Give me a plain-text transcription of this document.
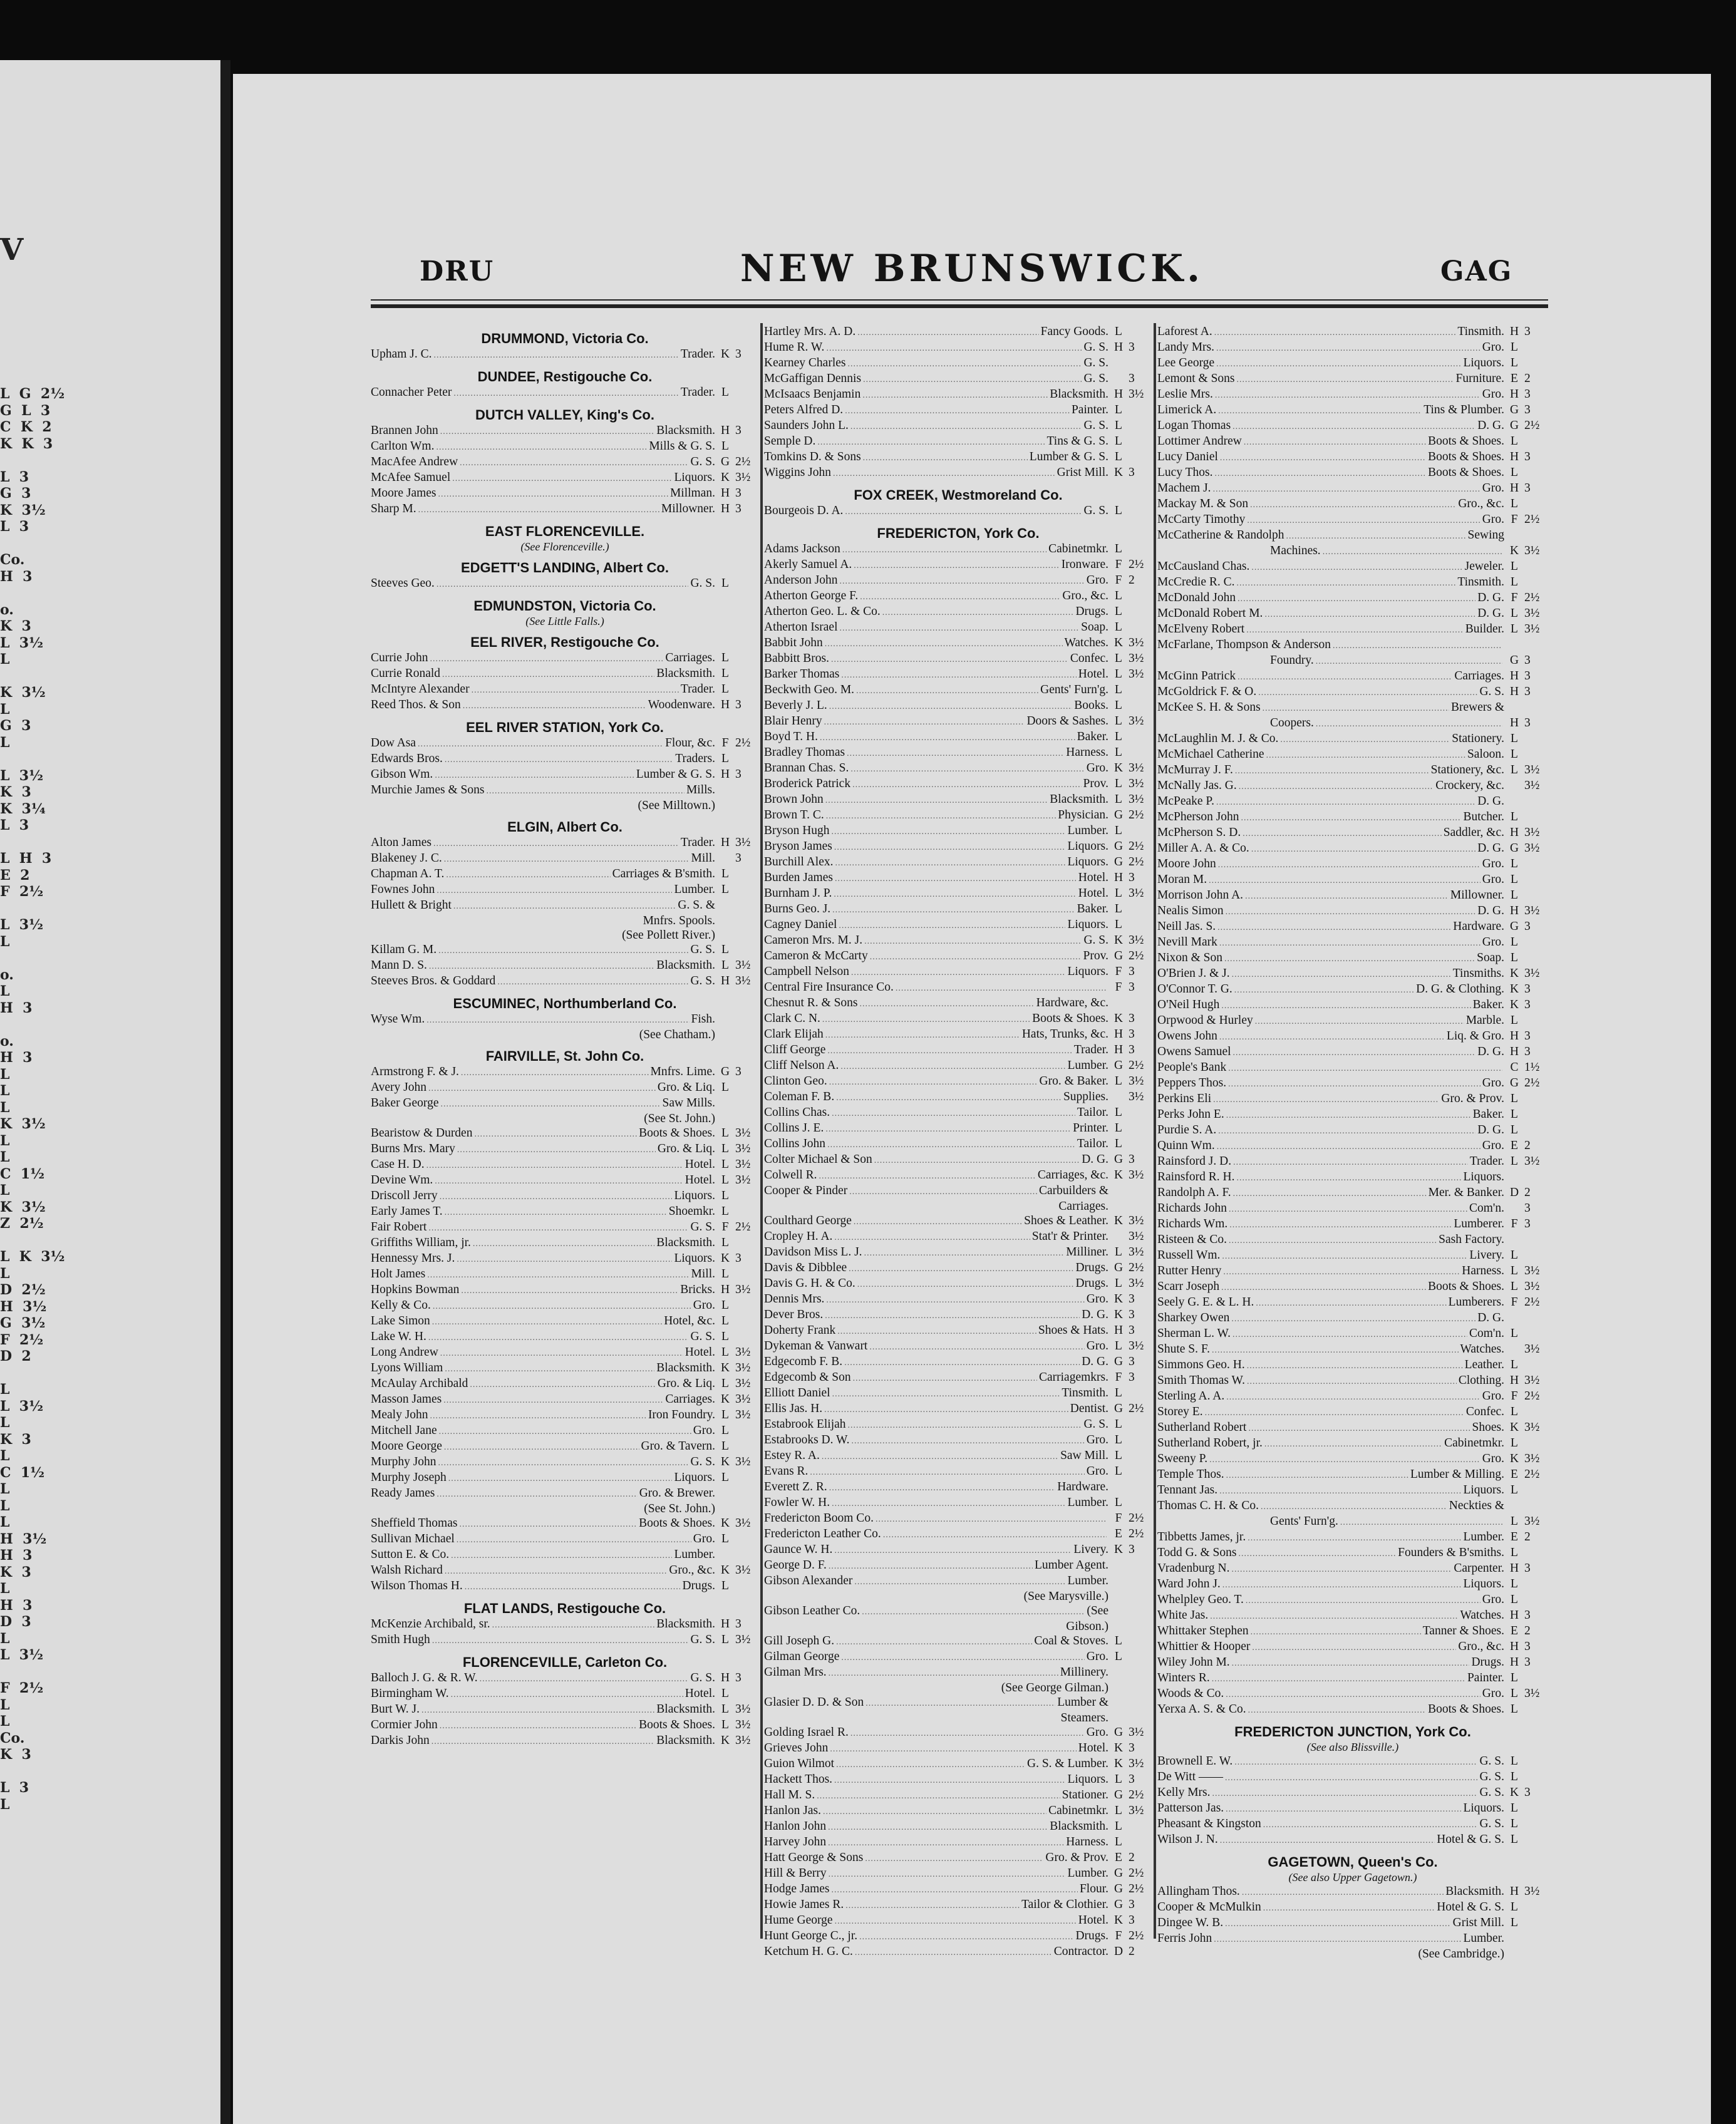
V
L  G  2½
G  L  3
C  K  2
K  K  3
L  3
G  3
K  3½
L  3
Co.
H  3
o.
K  3
L  3½
L
K  3½
L
G  3
L
L  3½
K  3
K  3¼
L  3
L  H  3
E  2
F  2½
L  3½
L
o.
L
H  3
o.
H  3
L
L
L
K  3½
L
L
C  1½
L
K  3½
Z  2½
L  K  3½
L
D  2½
H  3½
G  3½
F  2½
D  2
L
L  3½
L
K  3
L
C  1½
L
L
L
H  3½
H  3
K  3
L
H  3
D  3
L
L  3½
F  2½
L
L
Co.
K  3
L  3
L
DRU	NEW BRUNSWICK.	GAG
DRUMMOND, Victoria Co.
Upham J. C. .....	Trader. K 3
DUNDEE, Restigouche Co.
Connacher Peter .....	Trader. L
DUTCH VALLEY, King's Co.
Brannen John .....	Blacksmith. H 3
Carlton Wm. .....	Mills & G. S. L
MacAfee Andrew .....	G. S. G 2½
McAfee Samuel .....	Liquors. K 3½
Moore James .....	Millman. H 3
Sharp M. .....	Millowner. H 3
EAST FLORENCEVILLE.
(See Florenceville.)
EDGETT'S LANDING, Albert Co.
Steeves Geo. .....	G. S. L
EDMUNDSTON, Victoria Co.
(See Little Falls.)
EEL RIVER, Restigouche Co.
Currie John .....	Carriages. L
Currie Ronald .....	Blacksmith. L
McIntyre Alexander .....	Trader. L
Reed Thos. & Son .....	Woodenware. H 3
EEL RIVER STATION, York Co.
Dow Asa .....	Flour, &c. F 2½
Edwards Bros. .....	Traders. L
Gibson Wm. .....	Lumber & G. S. H 3
Murchie James & Sons .....	Mills.
(See Milltown.)
ELGIN, Albert Co.
Alton James .....	Trader. H 3½
Blakeney J. C. .....	Mill. 3
Chapman A. T. .....	Carriages & B'smith. L
Fownes John .....	Lumber. L
Hullett & Bright .....	G. S. &
Mnfrs. Spools.
(See Pollett River.)
Killam G. M. .....	G. S. L
Mann D. S. .....	Blacksmith. L 3½
Steeves Bros. & Goddard .....	G. S. H 3½
ESCUMINEC, Northumberland Co.
Wyse Wm. .....	Fish.
(See Chatham.)
FAIRVILLE, St. John Co.
Armstrong F. & J. .....	Mnfrs. Lime. G 3
Avery John .....	Gro. & Liq. L
Baker George .....	Saw Mills.
(See St. John.)
Bearistow & Durden .....	Boots & Shoes. L 3½
Burns Mrs. Mary .....	Gro. & Liq. L 3½
Case H. D. .....	Hotel. L 3½
Devine Wm. .....	Hotel. L 3½
Driscoll Jerry .....	Liquors. L
Early James T. .....	Shoemkr. L
Fair Robert .....	G. S. F 2½
Griffiths William, jr. .....	Blacksmith. L
Hennessy Mrs. J. .....	Liquors. K 3
Holt James .....	Mill. L
Hopkins Bowman .....	Bricks. H 3½
Kelly & Co. .....	Gro. L
Lake Simon .....	Hotel, &c. L
Lake W. H. .....	G. S. L
Long Andrew .....	Hotel. L 3½
Lyons William .....	Blacksmith. K 3½
McAulay Archibald .....	Gro. & Liq. L 3½
Masson James .....	Carriages. K 3½
Mealy John .....	Iron Foundry. L 3½
Mitchell Jane .....	Gro. L
Moore George .....	Gro. & Tavern. L
Murphy John .....	G. S. K 3½
Murphy Joseph .....	Liquors. L
Ready James .....	Gro. & Brewer.
(See St. John.)
Sheffield Thomas .....	Boots & Shoes. K 3½
Sullivan Michael .....	Gro. L
Sutton E. & Co. .....	Lumber.
Walsh Richard .....	Gro., &c. K 3½
Wilson Thomas H. .....	Drugs. L
FLAT LANDS, Restigouche Co.
McKenzie Archibald, sr. .....	Blacksmith. H 3
Smith Hugh .....	G. S. L 3½
FLORENCEVILLE, Carleton Co.
Balloch J. G. & R. W. .....	G. S. H 3
Birmingham W. .....	Hotel. L
Burt W. J. .....	Blacksmith. L 3½
Cormier John .....	Boots & Shoes. L 3½
Darkis John .....	Blacksmith. K 3½
Hartley Mrs. A. D. .....	Fancy Goods. L
Hume R. W. .....	G. S. H 3
Kearney Charles .....	G. S.
McGaffigan Dennis .....	G. S. 3
McIsaacs Benjamin .....	Blacksmith. H 3½
Peters Alfred D. .....	Painter. L
Saunders John L. .....	G. S. L
Semple D. .....	Tins & G. S. L
Tomkins D. & Sons .....	Lumber & G. S. L
Wiggins John .....	Grist Mill. K 3
FOX CREEK, Westmoreland Co.
Bourgeois D. A. .....	G. S. L
FREDERICTON, York Co.
Adams Jackson .....	Cabinetmkr. L
Akerly Samuel A. .....	Ironware. F 2½
Anderson John .....	Gro. F 2
Atherton George F. .....	Gro., &c. L
Atherton Geo. L. & Co. .....	Drugs. L
Atherton Israel .....	Soap. L
Babbit John .....	Watches. K 3½
Babbitt Bros. .....	Confec. L 3½
Barker Thomas .....	Hotel. L 3½
Beckwith Geo. M. .....	Gents' Furn'g. L
Beverly J. L. .....	Books. L
Blair Henry .....	Doors & Sashes. L 3½
Boyd T. H. .....	Baker. L
Bradley Thomas .....	Harness. L
Brannan Chas. S. .....	Gro. K 3½
Broderick Patrick .....	Prov. L 3½
Brown John .....	Blacksmith. L 3½
Brown T. C. .....	Physician. G 2½
Bryson Hugh .....	Lumber. L
Bryson James .....	Liquors. G 2½
Burchill Alex. .....	Liquors. G 2½
Burden James .....	Hotel. H 3
Burnham J. P. .....	Hotel. L 3½
Burns Geo. J. .....	Baker. L
Cagney Daniel .....	Liquors. L
Cameron Mrs. M. J. .....	G. S. K 3½
Cameron & McCarty .....	Prov. G 2½
Campbell Nelson .....	Liquors. F 3
Central Fire Insurance Co. .....	F 3
Chesnut R. & Sons .....	Hardware, &c.
Clark C. N. .....	Boots & Shoes. K 3
Clark Elijah .....	Hats, Trunks, &c. H 3
Cliff George .....	Trader. H 3
Cliff Nelson A. .....	Lumber. G 2½
Clinton Geo. .....	Gro. & Baker. L 3½
Coleman F. B. .....	Supplies. 3½
Collins Chas. .....	Tailor. L
Collins J. E. .....	Printer. L
Collins John .....	Tailor. L
Colter Michael & Son .....	D. G. G 3
Colwell R. .....	Carriages, &c. K 3½
Cooper & Pinder .....	Carbuilders &
Carriages.
Coulthard George .....	Shoes & Leather. K 3½
Cropley H. A. .....	Stat'r & Printer. 3½
Davidson Miss L. J. .....	Milliner. L 3½
Davis & Dibblee .....	Drugs. G 2½
Davis G. H. & Co. .....	Drugs. L 3½
Dennis Mrs. .....	Gro. K 3
Dever Bros. .....	D. G. K 3
Doherty Frank .....	Shoes & Hats. H 3
Dykeman & Vanwart .....	Gro. L 3½
Edgecomb F. B. .....	D. G. G 3
Edgecomb & Son .....	Carriagemkrs. F 3
Elliott Daniel .....	Tinsmith. L
Ellis Jas. H. .....	Dentist. G 2½
Estabrook Elijah .....	G. S. L
Estabrooks D. W. .....	Gro. L
Estey R. A. .....	Saw Mill. L
Evans R. .....	Gro. L
Everett Z. R. .....	Hardware.
Fowler W. H. .....	Lumber. L
Fredericton Boom Co. .....	F 2½
Fredericton Leather Co. .....	E 2½
Gaunce W. H. .....	Livery. K 3
George D. F. .....	Lumber Agent.
Gibson Alexander .....	Lumber.
(See Marysville.)
Gibson Leather Co. .....	(See
Gibson.)
Gill Joseph G. .....	Coal & Stoves. L
Gilman George .....	Gro. L
Gilman Mrs. .....	Millinery.
(See George Gilman.)
Glasier D. D. & Son .....	Lumber &
Steamers.
Golding Israel R. .....	Gro. G 3½
Grieves John .....	Hotel. K 3
Guion Wilmot .....	G. S. & Lumber. K 3½
Hackett Thos. .....	Liquors. L 3
Hall M. S. .....	Stationer. G 2½
Hanlon Jas. .....	Cabinetmkr. L 3½
Hanlon John .....	Blacksmith. L
Harvey John .....	Harness. L
Hatt George & Sons .....	Gro. & Prov. E 2
Hill & Berry .....	Lumber. G 2½
Hodge James .....	Flour. G 2½
Howie James R. .....	Tailor & Clothier. G 3
Hume George .....	Hotel. K 3
Hunt George C., jr. .....	Drugs. F 2½
Ketchum H. G. C. .....	Contractor. D 2
Laforest A. .....	Tinsmith. H 3
Landy Mrs. .....	Gro. L
Lee George .....	Liquors. L
Lemont & Sons .....	Furniture. E 2
Leslie Mrs. .....	Gro. H 3
Limerick A. .....	Tins & Plumber. G 3
Logan Thomas .....	D. G. G 2½
Lottimer Andrew .....	Boots & Shoes. L
Lucy Daniel .....	Boots & Shoes. H 3
Lucy Thos. .....	Boots & Shoes. L
Machem J. .....	Gro. H 3
Mackay M. & Son .....	Gro., &c. L
McCarty Timothy .....	Gro. F 2½
McCatherine & Randolph .....	Sewing
Machines. .....	K 3½
McCausland Chas. .....	Jeweler. L
McCredie R. C. .....	Tinsmith. L
McDonald John .....	D. G. F 2½
McDonald Robert M. .....	D. G. L 3½
McElveny Robert .....	Builder. L 3½
McFarlane, Thompson & Anderson
.....
Foundry. .....	G 3
McGinn Patrick .....	Carriages. H 3
McGoldrick F. & O. .....	G. S. H 3
McKee S. H. & Sons .....	Brewers &
Coopers. .....	H 3
McLaughlin M. J. & Co. .....	Stationery. L
McMichael Catherine .....	Saloon. L
McMurray J. F. .....	Stationery, &c. L 3½
McNally Jas. G. .....	Crockery, &c. 3½
McPeake P. .....	D. G.
McPherson John .....	Butcher. L
McPherson S. D. .....	Saddler, &c. H 3½
Miller A. A. & Co. .....	D. G. G 3½
Moore John .....	Gro. L
Moran M. .....	Gro. L
Morrison John A. .....	Millowner. L
Nealis Simon .....	D. G. H 3½
Neill Jas. S. .....	Hardware. G 3
Nevill Mark .....	Gro. L
Nixon & Son .....	Soap. L
O'Brien J. & J. .....	Tinsmiths. K 3½
O'Connor T. G. .....	D. G. & Clothing. K 3
O'Neil Hugh .....	Baker. K 3
Orpwood & Hurley .....	Marble. L
Owens John .....	Liq. & Gro. H 3
Owens Samuel .....	D. G. H 3
People's Bank .....	C 1½
Peppers Thos. .....	Gro. G 2½
Perkins Eli .....	Gro. & Prov. L
Perks John E. .....	Baker. L
Purdie S. A. .....	D. G. L
Quinn Wm. .....	Gro. E 2
Rainsford J. D. .....	Trader. L 3½
Rainsford R. H. .....	Liquors.
Randolph A. F. .....	Mer. & Banker. D 2
Richards John .....	Com'n. 3
Richards Wm. .....	Lumberer. F 3
Risteen & Co. .....	Sash Factory.
Russell Wm. .....	Livery. L
Rutter Henry .....	Harness. L 3½
Scarr Joseph .....	Boots & Shoes. L 3½
Seely G. E. & L. H. .....	Lumberers. F 2½
Sharkey Owen .....	D. G.
Sherman L. W. .....	Com'n. L
Shute S. F. .....	Watches. 3½
Simmons Geo. H. .....	Leather. L
Smith Thomas W. .....	Clothing. H 3½
Sterling A. A. .....	Gro. F 2½
Storey E. .....	Confec. L
Sutherland Robert .....	Shoes. K 3½
Sutherland Robert, jr. .....	Cabinetmkr. L
Sweeny P. .....	Gro. K 3½
Temple Thos. .....	Lumber & Milling. E 2½
Tennant Jas. .....	Liquors. L
Thomas C. H. & Co. .....	Neckties &
Gents' Furn'g. .....	L 3½
Tibbetts James, jr. .....	Lumber. E 2
Todd G. & Sons .....	Founders & B'smiths. L
Vradenburg N. .....	Carpenter. H 3
Ward John J. .....	Liquors. L
Whelpley Geo. T. .....	Gro. L
White Jas. .....	Watches. H 3
Whittaker Stephen .....	Tanner & Shoes. E 2
Whittier & Hooper .....	Gro., &c. H 3
Wiley John M. .....	Drugs. H 3
Winters R. .....	Painter. L
Woods & Co. .....	Gro. L 3½
Yerxa A. S. & Co. .....	Boots & Shoes. L
FREDERICTON JUNCTION, York Co.
(See also Blissville.)
Brownell E. W. .....	G. S. L
De Witt —— .....	G. S. L
Kelly Mrs. .....	G. S. K 3
Patterson Jas. .....	Liquors. L
Pheasant & Kingston .....	G. S. L
Wilson J. N. .....	Hotel & G. S. L
GAGETOWN, Queen's Co.
(See also Upper Gagetown.)
Allingham Thos. .....	Blacksmith. H 3½
Cooper & McMulkin .....	Hotel & G. S. L
Dingee W. B. .....	Grist Mill. L
Ferris John .....	Lumber.
(See Cambridge.)
